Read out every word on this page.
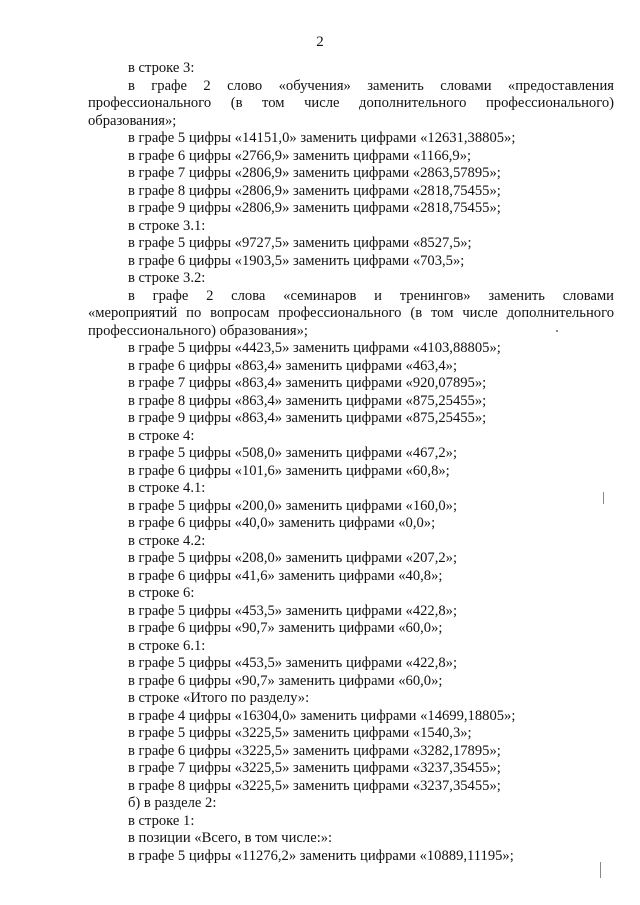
2
в строке 3:
в графе 2 слово «обучения» заменить словами «предоставления
профессионального (в том числе дополнительного профессионального)
образования»;
в графе 5 цифры «14151,0» заменить цифрами «12631,38805»;
в графе 6 цифры «2766,9» заменить цифрами «1166,9»;
в графе 7 цифры «2806,9» заменить цифрами «2863,57895»;
в графе 8 цифры «2806,9» заменить цифрами «2818,75455»;
в графе 9 цифры «2806,9» заменить цифрами «2818,75455»;
в строке 3.1:
в графе 5 цифры «9727,5» заменить цифрами «8527,5»;
в графе 6 цифры «1903,5» заменить цифрами «703,5»;
в строке 3.2:
в графе 2 слова «семинаров и тренингов» заменить словами
«мероприятий по вопросам профессионального (в том числе дополнительного
профессионального) образования»;
в графе 5 цифры «4423,5» заменить цифрами «4103,88805»;
в графе 6 цифры «863,4» заменить цифрами «463,4»;
в графе 7 цифры «863,4» заменить цифрами «920,07895»;
в графе 8 цифры «863,4» заменить цифрами «875,25455»;
в графе 9 цифры «863,4» заменить цифрами «875,25455»;
в строке 4:
в графе 5 цифры «508,0» заменить цифрами «467,2»;
в графе 6 цифры «101,6» заменить цифрами «60,8»;
в строке 4.1:
в графе 5 цифры «200,0» заменить цифрами «160,0»;
в графе 6 цифры «40,0» заменить цифрами «0,0»;
в строке 4.2:
в графе 5 цифры «208,0» заменить цифрами «207,2»;
в графе 6 цифры «41,6» заменить цифрами «40,8»;
в строке 6:
в графе 5 цифры «453,5» заменить цифрами «422,8»;
в графе 6 цифры «90,7» заменить цифрами «60,0»;
в строке 6.1:
в графе 5 цифры «453,5» заменить цифрами «422,8»;
в графе 6 цифры «90,7» заменить цифрами «60,0»;
в строке «Итого по разделу»:
в графе 4 цифры «16304,0» заменить цифрами «14699,18805»;
в графе 5 цифры «3225,5» заменить цифрами «1540,3»;
в графе 6 цифры «3225,5» заменить цифрами «3282,17895»;
в графе 7 цифры «3225,5» заменить цифрами «3237,35455»;
в графе 8 цифры «3225,5» заменить цифрами «3237,35455»;
б) в разделе 2:
в строке 1:
в позиции «Всего, в том числе:»:
в графе 5 цифры «11276,2» заменить цифрами «10889,11195»;
